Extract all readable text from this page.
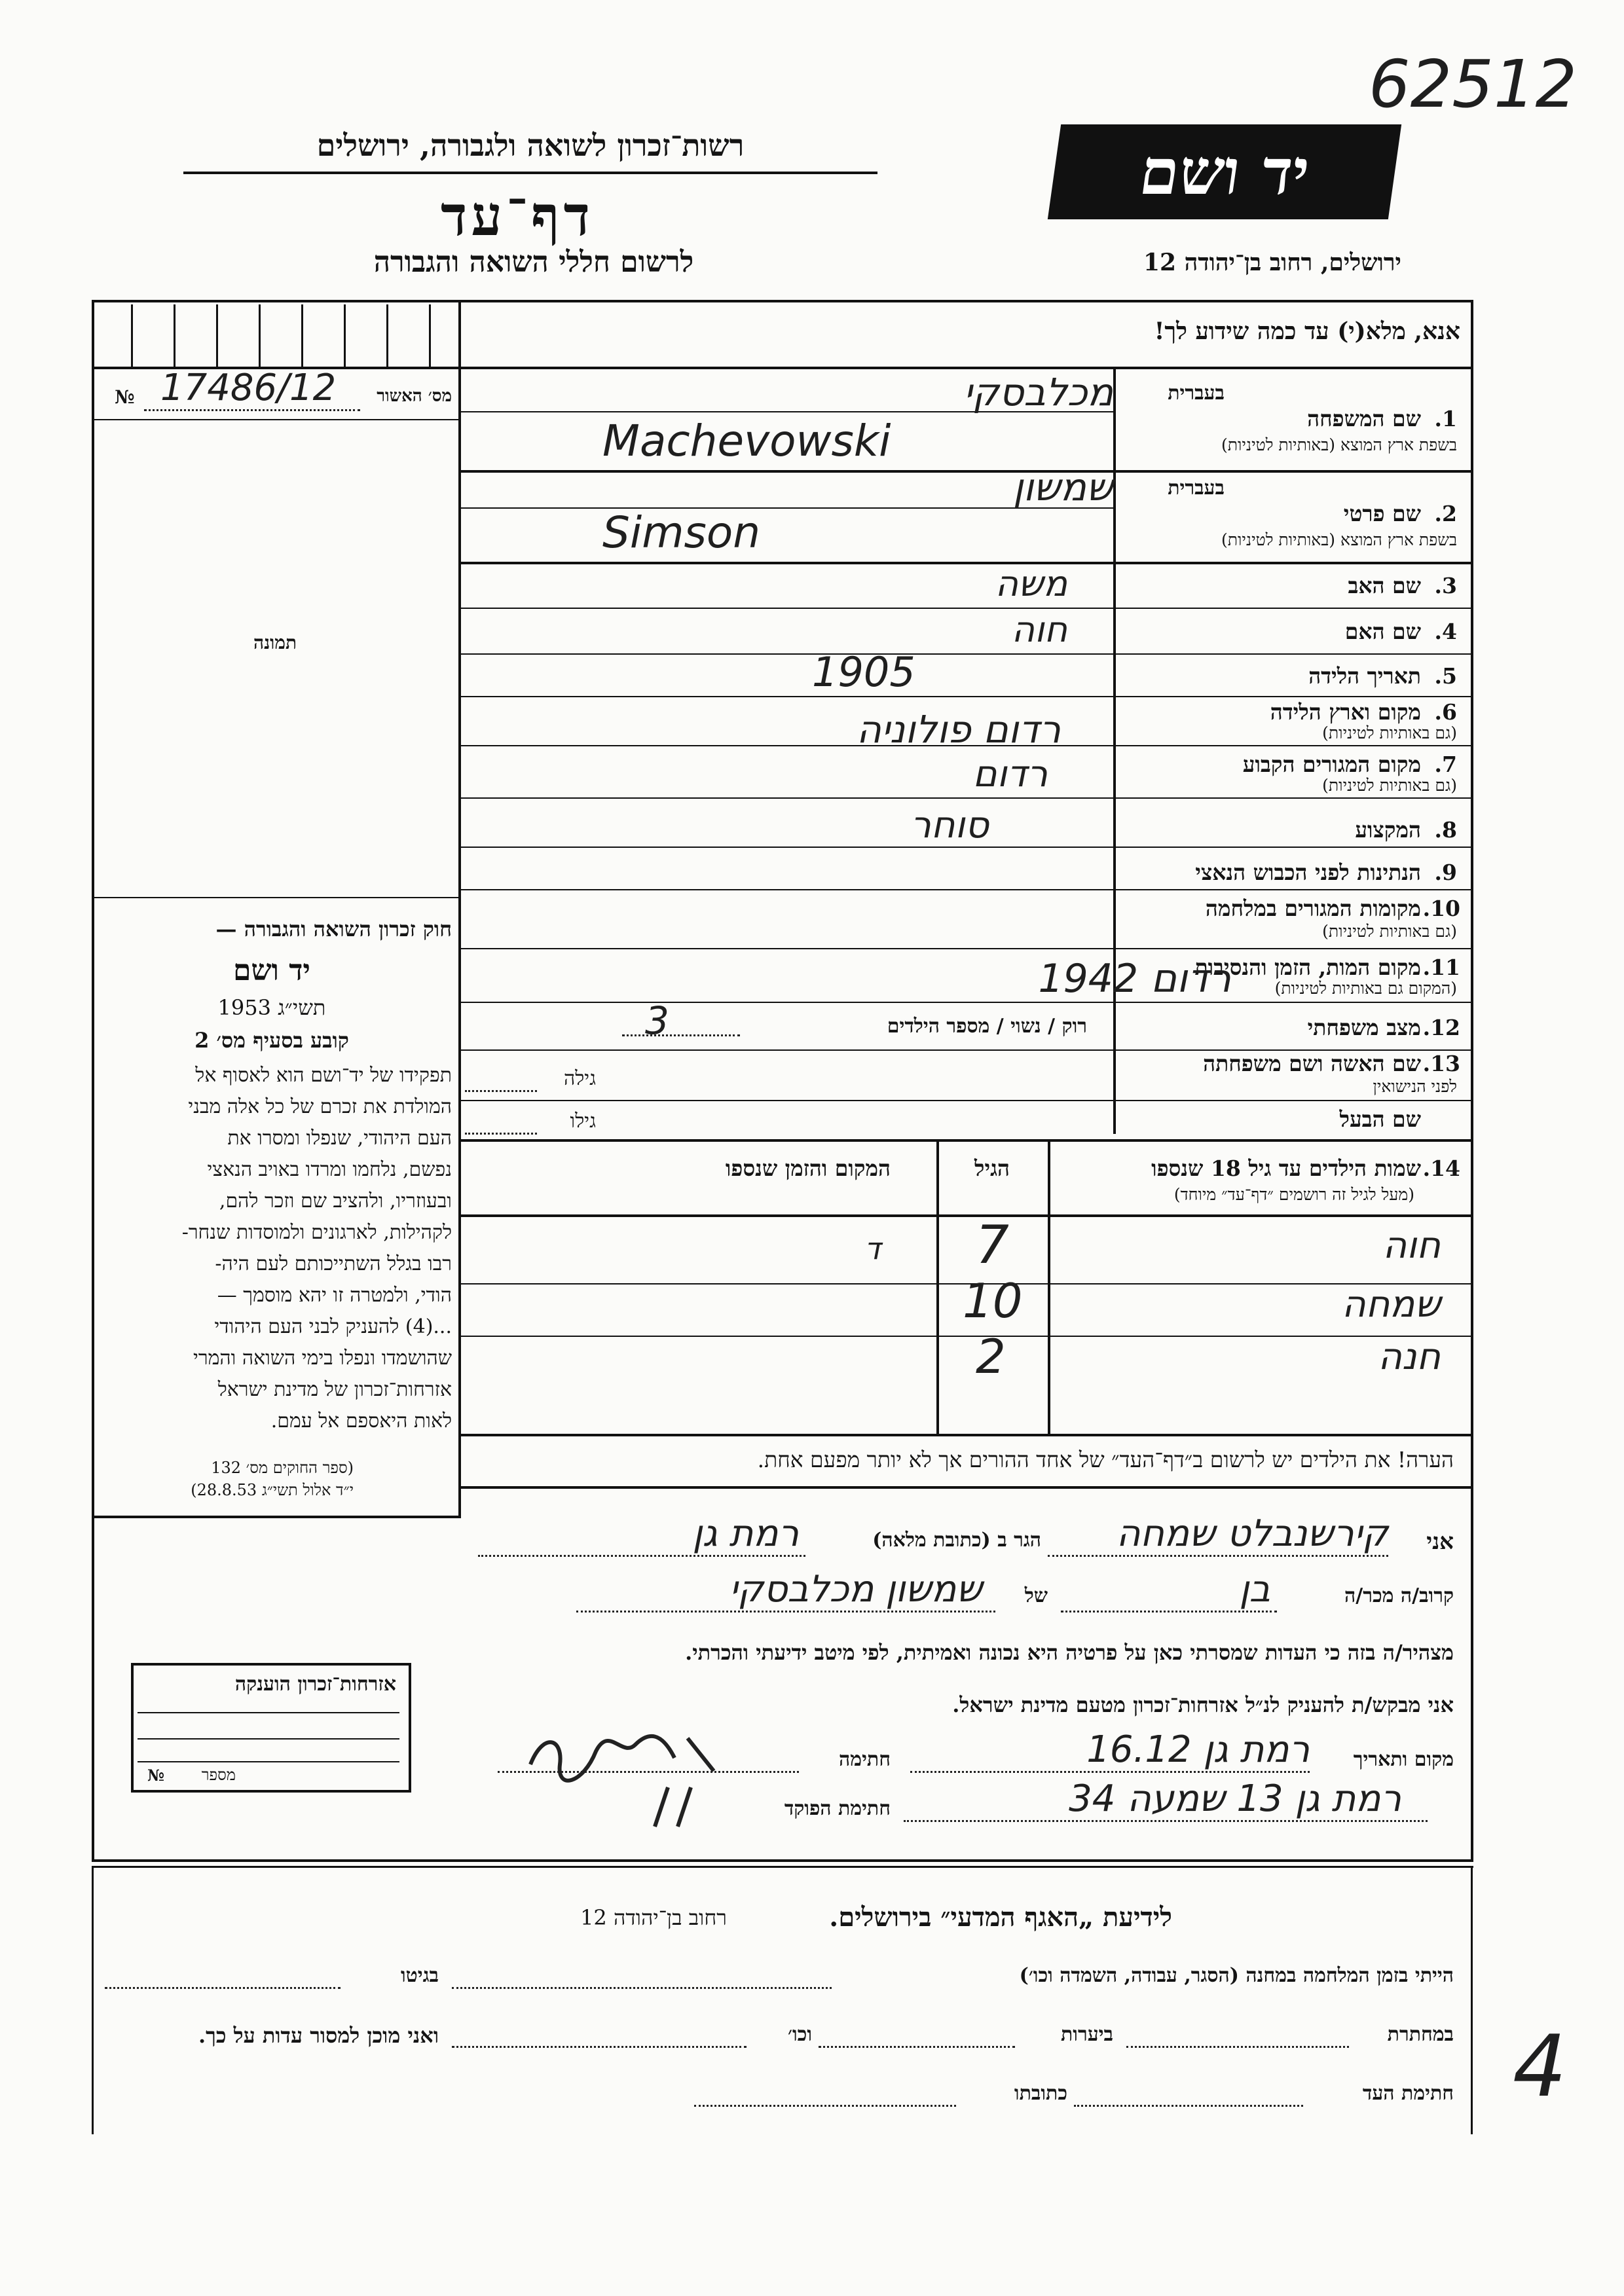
62512
רשות־זכרון לשואה ולגבורה, ירושלים
דף־עד
לרשום חללי השואה והגבורה
יד ושם
ירושלים, רחוב בן־יהודה 12
מס׳ האשור
17486/12
№
תמונה
אנא, מלא(י) עד כמה שידוע לך!
1.
שם המשפחה
בעברית
בשפת ארץ המוצא (באותיות לטיניות)
מכלבסקי
Machevowski
2.
שם פרטי
בעברית
בשפת ארץ המוצא (באותיות לטיניות)
שמשון
Simson
3.
שם האב
משה
4.
שם האם
חוה
5.
תאריך הלידה
1905
6.
מקום וארץ הלידה
(גם באותיות לטיניות)
רדום פולוניה
7.
מקום המגורים הקבוע
(גם באותיות לטיניות)
רדום
8.
המקצוע
סוחר
9.
הנתינות לפני הכבוש הנאצי
10.
מקומות המגורים במלחמה
(גם באותיות לטיניות)
11.
מקום המות, הזמן והנסיבות
(המקום גם באותיות לטיניות)
רדום 1942
12.
מצב משפחתי
רוק / נשוי / מספר הילדים
3
13.
שם האשה ושם משפחתה
לפני הנישואין
גילה
שם הבעל
גילו
14.
שמות הילדים עד גיל 18 שנספו
(מעל לגיל זה רושמים ״דף־עד״ מיוחד)
הגיל
המקום והזמן שנספו
חוה
7
ד
שמחה
10
חנה
2
הערה! את הילדים יש לרשום ב״דף־העד״ של אחד ההורים אך לא יותר מפעם אחת.
חוק זכרון השואה והגבורה —
יד ושם
תשי״ג 1953
קובע בסעיף מס׳ 2
תפקידו של יד־ושם הוא לאסוף אל
המולדת את זכרם של כל אלה מבני
העם היהודי, שנפלו ומסרו את
נפשם, נלחמו ומרדו באויב הנאצי
ובעוזריו, ולהציב שם וזכר להם,
לקהילות, לארגונים ולמוסדות שנחר-
רבו בגלל השתייכותם לעם היה-
הודי, ולמטרה זו יהא מוסמך —
...(4) להעניק לבני העם היהודי
שהושמדו ונפלו בימי השואה והמרי
אזרחות־זכרון של מדינת ישראל
לאות היאספם אל עמם.
(ספר החוקים מס׳ 132
י״ד אלול תשי״ג 28.8.53)
אני
קירשנבלט שמחה
הגר ב (כתובת מלאה)
רמת גן
קרוב/ה מכר/ה
בן
של
שמשון מכלבסקי
מצהיר/ה בזה כי העדות שמסרתי כאן על פרטיה היא נכונה ואמיתית, לפי מיטב ידיעתי והכרתי.
אני מבקש/ת להעניק לנ״ל אזרחות־זכרון מטעם מדינת ישראל.
מקום ותאריך
רמת גן 16.12
חתימה
חתימת הפוקד	רמת גן 13 שמעה 34
אזרחות־זכרון הוענקה
מספר
№
לידיעת „האגף המדעי״ בירושלים.
רחוב בן־יהודה 12
הייתי בזמן המלחמה במחנה (הסגר, עבודה, השמדה וכו׳)
בגיטו
במחתרת
ביערות
וכו׳
ואני מוכן למסור עדות על כך.
חתימת העד
כתובתו	4
